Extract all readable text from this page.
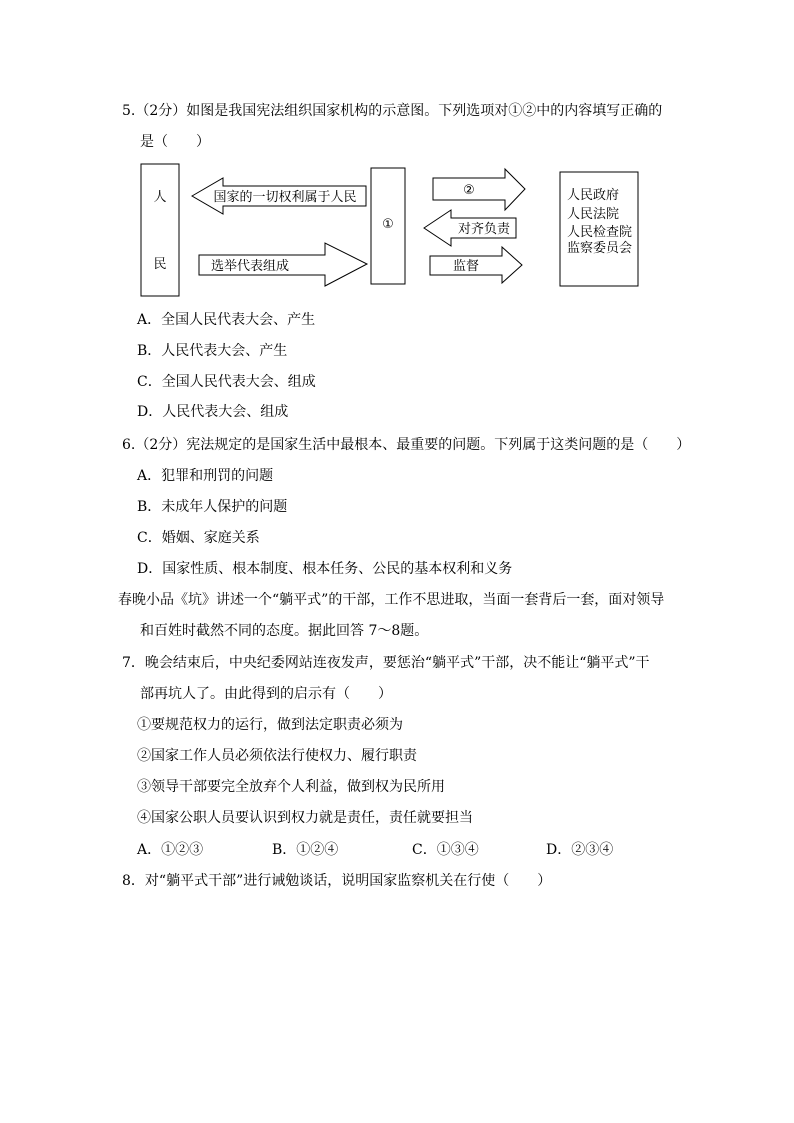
5.（2分）如图是我国宪法组织国家机构的示意图。下列选项对①②中的内容填写正确的
是（　　）
人
民
国家的一切权利属于人民
选举代表组成
①
②
对齐负责
监督
人民政府
人民法院
人民检查院
监察委员会
A．全国人民代表大会、产生
B．人民代表大会、产生
C．全国人民代表大会、组成
D．人民代表大会、组成
6.（2分）宪法规定的是国家生活中最根本、最重要的问题。下列属于这类问题的是（　　）
A．犯罪和刑罚的问题
B．未成年人保护的问题
C．婚姻、家庭关系
D．国家性质、根本制度、根本任务、公民的基本权利和义务
春晚小品《坑》讲述一个“躺平式”的干部，工作不思进取，当面一套背后一套，面对领导
和百姓时截然不同的态度。据此回答 7～8题。
7．晚会结束后，中央纪委网站连夜发声，要惩治“躺平式”干部，决不能让“躺平式”干
部再坑人了。由此得到的启示有（　　）
①要规范权力的运行，做到法定职责必须为
②国家工作人员必须依法行使权力、履行职责
③领导干部要完全放弃个人利益，做到权为民所用
④国家公职人员要认识到权力就是责任，责任就要担当
A．①②③	B．①②④	C．①③④	D．②③④
8．对“躺平式干部”进行诫勉谈话，说明国家监察机关在行使（　　）
